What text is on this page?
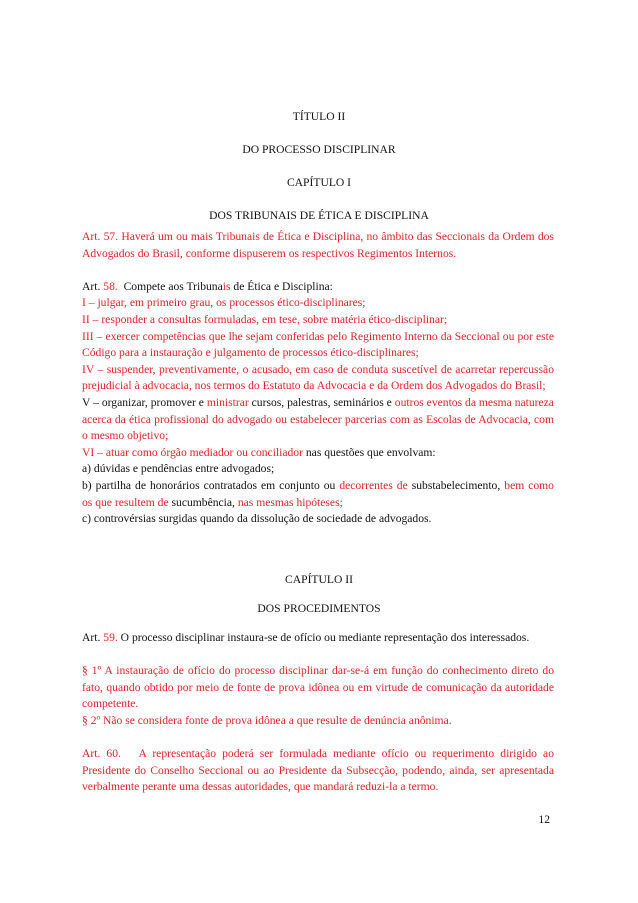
TÍTULO II
DO PROCESSO DISCIPLINAR
CAPÍTULO I
DOS TRIBUNAIS DE ÉTICA E DISCIPLINA

Art. 57. Haverá um ou mais Tribunais de Ética e Disciplina, no âmbito das Seccionais da Ordem dos Advogados do Brasil, conforme dispuserem os respectivos Regimentos Internos.

Art. 58. Compete aos Tribunais de Ética e Disciplina:

I – julgar, em primeiro grau, os processos ético-disciplinares;

II – responder a consultas formuladas, em tese, sobre matéria ético-disciplinar;

III – exercer competências que lhe sejam conferidas pelo Regimento Interno da Seccional ou por este Código para a instauração e julgamento de processos ético-disciplinares;

IV – suspender, preventivamente, o acusado, em caso de conduta suscetível de acarretar repercussão prejudicial à advocacia, nos termos do Estatuto da Advocacia e da Ordem dos Advogados do Brasil;

V – organizar, promover e ministrar cursos, palestras, seminários e outros eventos da mesma natureza acerca da ética profissional do advogado ou estabelecer parcerias com as Escolas de Advocacia, com o mesmo objetivo;

VI – atuar como órgão mediador ou conciliador nas questões que envolvam:

a) dúvidas e pendências entre advogados;

b) partilha de honorários contratados em conjunto ou decorrentes de substabelecimento, bem como os que resultem de sucumbência, nas mesmas hipóteses;

c) controvérsias surgidas quando da dissolução de sociedade de advogados.

CAPÍTULO II
DOS PROCEDIMENTOS

Art. 59. O processo disciplinar instaura-se de ofício ou mediante representação dos interessados.

§ 1º A instauração de ofício do processo disciplinar dar-se-á em função do conhecimento direto do fato, quando obtido por meio de fonte de prova idônea ou em virtude de comunicação da autoridade competente.

§ 2º Não se considera fonte de prova idônea a que resulte de denúncia anônima.

Art. 60. A representação poderá ser formulada mediante ofício ou requerimento dirigido ao Presidente do Conselho Seccional ou ao Presidente da Subsecção, podendo, ainda, ser apresentada verbalmente perante uma dessas autoridades, que mandará reduzi-la a termo.

12
